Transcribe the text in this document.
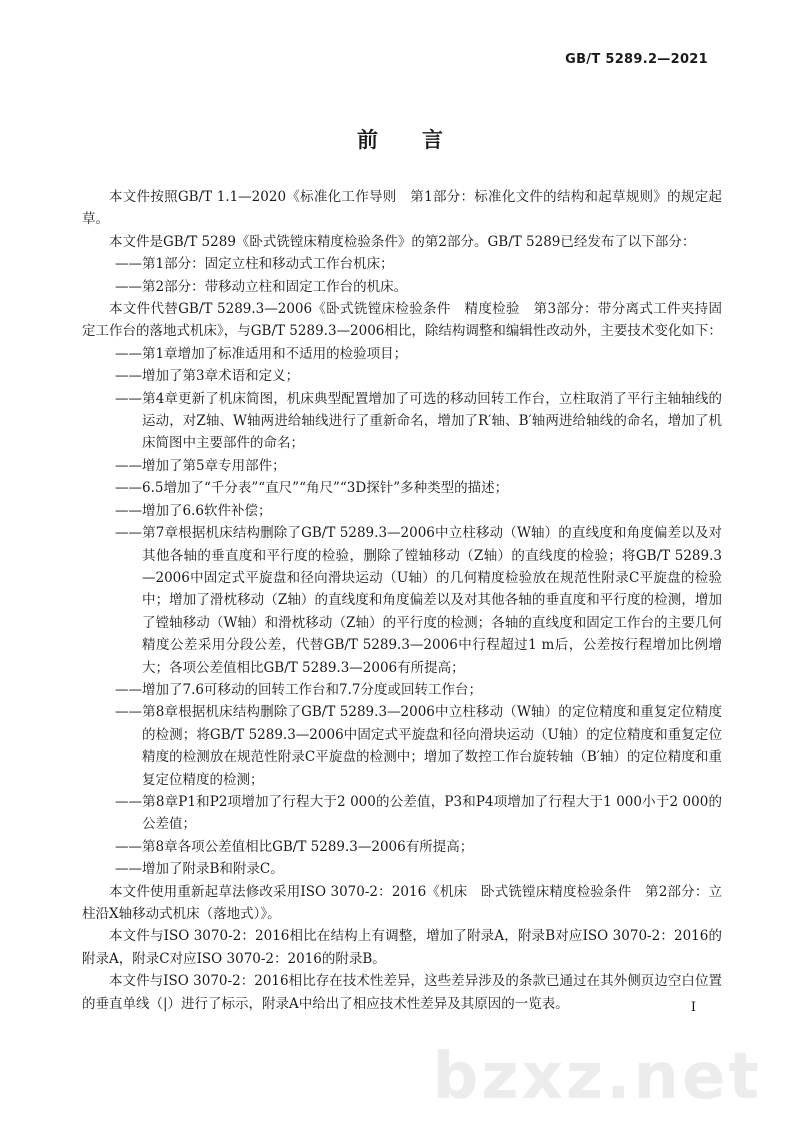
GB/T 5289.2—2021
前言

本文件按照GB/T 1.1—2020《标准化工作导则　第1部分：标准化文件的结构和起草规则》的规定起草。

本文件是GB/T 5289《卧式铣镗床精度检验条件》的第2部分。GB/T 5289已经发布了以下部分：

——第1部分：固定立柱和移动式工作台机床；

——第2部分：带移动立柱和固定工作台的机床。

本文件代替GB/T 5289.3—2006《卧式铣镗床检验条件　精度检验　第3部分：带分离式工件夹持固定工作台的落地式机床》，与GB/T 5289.3—2006相比，除结构调整和编辑性改动外，主要技术变化如下：

——第1章增加了标准适用和不适用的检验项目；

——增加了第3章术语和定义；

——第4章更新了机床简图，机床典型配置增加了可选的移动回转工作台，立柱取消了平行主轴轴线的运动，对Z轴、W轴两进给轴线进行了重新命名，增加了R′轴、B′轴两进给轴线的命名，增加了机床简图中主要部件的命名；

——增加了第5章专用部件；

——6.5增加了“千分表”“直尺”“角尺”“3D探针”多种类型的描述；

——增加了6.6软件补偿；

——第7章根据机床结构删除了GB/T 5289.3—2006中立柱移动（W轴）的直线度和角度偏差以及对其他各轴的垂直度和平行度的检验，删除了镗轴移动（Z轴）的直线度的检验；将GB/T 5289.3—2006中固定式平旋盘和径向滑块运动（U轴）的几何精度检验放在规范性附录C平旋盘的检验中；增加了滑枕移动（Z轴）的直线度和角度偏差以及对其他各轴的垂直度和平行度的检测，增加了镗轴移动（W轴）和滑枕移动（Z轴）的平行度的检测；各轴的直线度和固定工作台的主要几何精度公差采用分段公差，代替GB/T 5289.3—2006中行程超过1 m后，公差按行程增加比例增大；各项公差值相比GB/T 5289.3—2006有所提高；

——增加了7.6可移动的回转工作台和7.7分度或回转工作台；

——第8章根据机床结构删除了GB/T 5289.3—2006中立柱移动（W轴）的定位精度和重复定位精度的检测；将GB/T 5289.3—2006中固定式平旋盘和径向滑块运动（U轴）的定位精度和重复定位精度的检测放在规范性附录C平旋盘的检测中；增加了数控工作台旋转轴（B′轴）的定位精度和重复定位精度的检测；

——第8章P1和P2项增加了行程大于2 000的公差值，P3和P4项增加了行程大于1 000小于2 000的公差值；

——第8章各项公差值相比GB/T 5289.3—2006有所提高；

——增加了附录B和附录C。

本文件使用重新起草法修改采用ISO 3070-2：2016《机床　卧式铣镗床精度检验条件　第2部分：立柱沿X轴移动式机床（落地式）》。

本文件与ISO 3070-2：2016相比在结构上有调整，增加了附录A，附录B对应ISO 3070-2：2016的附录A，附录C对应ISO 3070-2：2016的附录B。

本文件与ISO 3070-2：2016相比存在技术性差异，这些差异涉及的条款已通过在其外侧页边空白位置的垂直单线（|）进行了标示，附录A中给出了相应技术性差异及其原因的一览表。	I
bzxz.net
